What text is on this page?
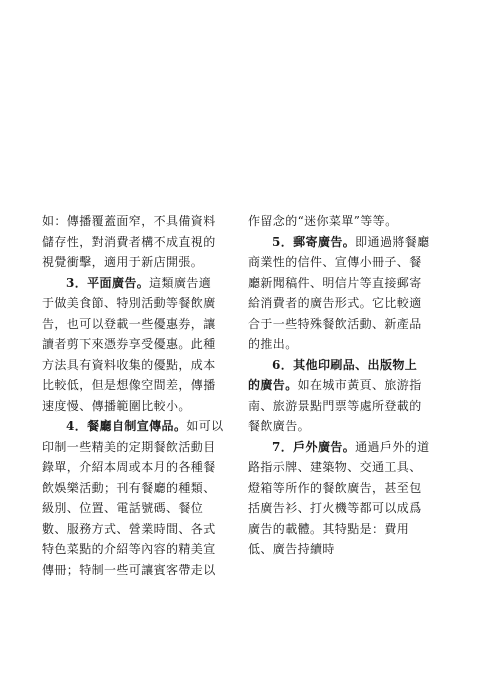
如：傳播覆蓋面窄，不具備資料
儲存性，對消費者構不成直視的
視覺衝擊，適用于新店開張。
3．平面廣告。這類廣告適
于做美食節、特別活動等餐飲廣
告，也可以登載一些優惠券，讓
讀者剪下來憑券享受優惠。此種
方法具有資料收集的優點，成本
比較低，但是想像空間差，傳播
速度慢、傳播範圍比較小。
4．餐廳自制宣傳品。如可以
印制一些精美的定期餐飲活動目
錄單，介紹本周或本月的各種餐
飲娛樂活動；刊有餐廳的種類、
級別、位置、電話號碼、餐位
數、服務方式、營業時間、各式
特色菜點的介紹等內容的精美宣
傳冊；特制一些可讓賓客帶走以
作留念的“迷你菜單”等等。
5．郵寄廣告。即通過將餐廳
商業性的信件、宣傳小冊子、餐
廳新聞稿件、明信片等直接郵寄
給消費者的廣告形式。它比較適
合于一些特殊餐飲活動、新產品
的推出。
6．其他印刷品、出版物上
的廣告。如在城市黃頁、旅游指
南、旅游景點門票等處所登載的
餐飲廣告。
7．戶外廣告。通過戶外的道
路指示牌、建築物、交通工具、
燈箱等所作的餐飲廣告，甚至包
括廣告衫、打火機等都可以成爲
廣告的載體。其特點是：費用
低、廣告持續時
